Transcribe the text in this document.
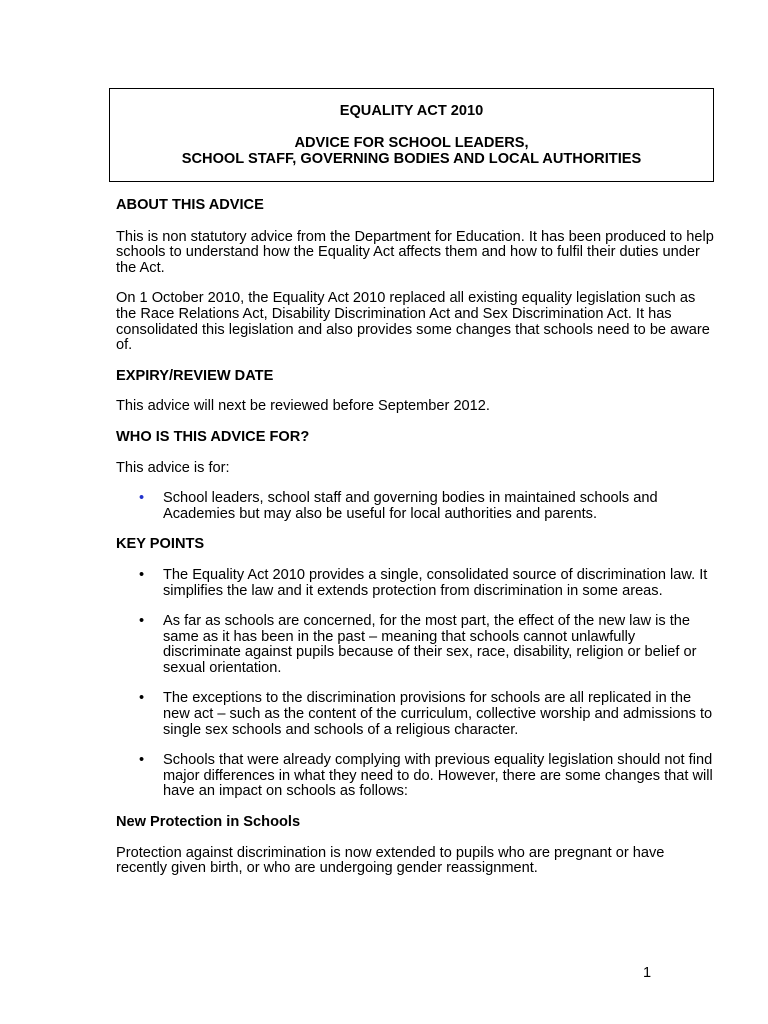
EQUALITY ACT 2010
ADVICE FOR SCHOOL LEADERS,
SCHOOL STAFF, GOVERNING BODIES AND LOCAL AUTHORITIES

ABOUT THIS ADVICE

This is non statutory advice from the Department for Education. It has been produced to help schools to understand how the Equality Act affects them and how to fulfil their duties under the Act.

On 1 October 2010, the Equality Act 2010 replaced all existing equality legislation such as the Race Relations Act, Disability Discrimination Act and Sex Discrimination Act. It has consolidated this legislation and also provides some changes that schools need to be aware of.

EXPIRY/REVIEW DATE

This advice will next be reviewed before September 2012.

WHO IS THIS ADVICE FOR?

This advice is for:

• School leaders, school staff and governing bodies in maintained schools and Academies but may also be useful for local authorities and parents.

KEY POINTS

• The Equality Act 2010 provides a single, consolidated source of discrimination law. It simplifies the law and it extends protection from discrimination in some areas.
• As far as schools are concerned, for the most part, the effect of the new law is the same as it has been in the past – meaning that schools cannot unlawfully discriminate against pupils because of their sex, race, disability, religion or belief or sexual orientation.
• The exceptions to the discrimination provisions for schools are all replicated in the new act – such as the content of the curriculum, collective worship and admissions to single sex schools and schools of a religious character.
• Schools that were already complying with previous equality legislation should not find major differences in what they need to do. However, there are some changes that will have an impact on schools as follows:

New Protection in Schools

Protection against discrimination is now extended to pupils who are pregnant or have recently given birth, or who are undergoing gender reassignment.

1
